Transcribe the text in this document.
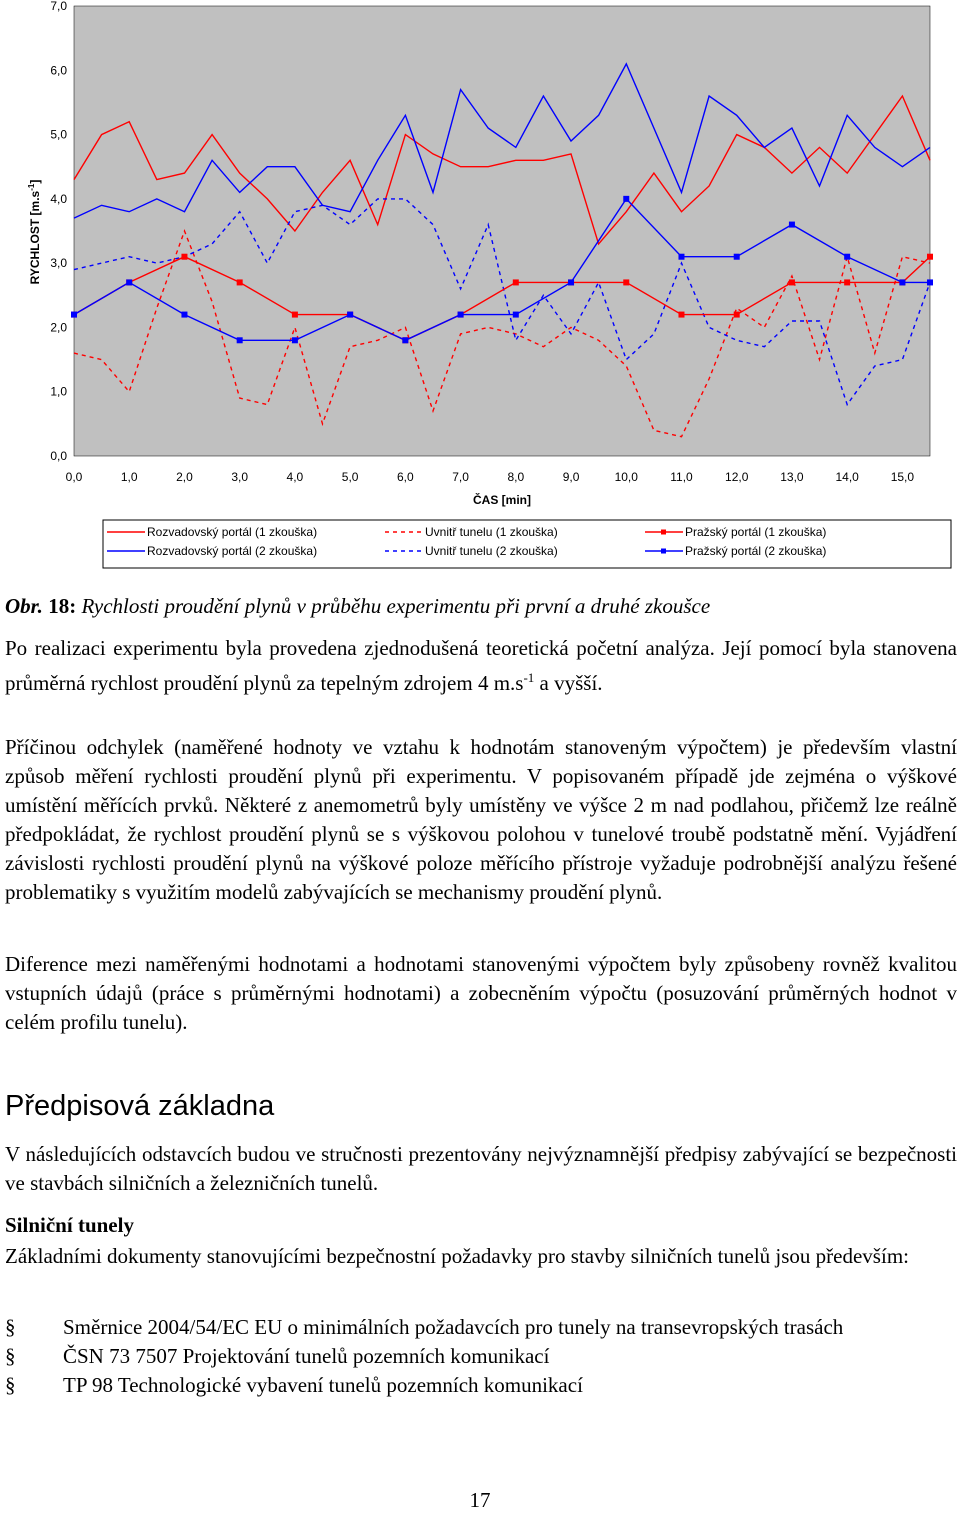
0,0
1,0
2,0
3,0
4,0
5,0
6,0
7,0
0,0	1,0	2,0	3,0	4,0	5,0	6,0	7,0	8,0	9,0	10,0	11,0	12,0	13,0	14,0	15,0
ČAS [min]
RYCHLOST $[m.s^{-1}]$
Rozvadovský portál (1 zkouška)
Rozvadovský portál (2 zkouška)
Uvnitř tunelu (1 zkouška)
Uvnitř tunelu (2 zkouška)
Pražský portál (1 zkouška)
Pražský portál (2 zkouška)
Obr. 18: Rychlosti proudění plynů v průběhu experimentu při první a druhé zkoušce

Po realizaci experimentu byla provedena zjednodušená teoretická početní analýza. Její pomocí byla stanovena průměrná rychlost proudění plynů za tepelným zdrojem 4 $m.s^{-1}$ a vyšší.

Příčinou odchylek (naměřené hodnoty ve vztahu k hodnotám stanoveným výpočtem) je především vlastní způsob měření rychlosti proudění plynů při experimentu. V popisovaném případě jde zejména o výškové umístění měřících prvků. Některé z anemometrů byly umístěny ve výšce 2 m nad podlahou, přičemž lze reálně předpokládat, že rychlost proudění plynů se s výškovou polohou v tunelové troubě podstatně mění. Vyjádření závislosti rychlosti proudění plynů na výškové poloze měřícího přístroje vyžaduje podrobnější analýzu řešené problematiky s využitím modelů zabývajících se mechanismy proudění plynů.

Diference mezi naměřenými hodnotami a hodnotami stanovenými výpočtem byly způsobeny rovněž kvalitou vstupních údajů (práce s průměrnými hodnotami) a zobecněním výpočtu (posuzování průměrných hodnot v celém profilu tunelu).

Předpisová základna

V následujících odstavcích budou ve stručnosti prezentovány nejvýznamnější předpisy zabývající se bezpečnosti ve stavbách silničních a železničních tunelů.

Silniční tunely

Základními dokumenty stanovujícími bezpečnostní požadavky pro stavby silničních tunelů jsou především:

§ Směrnice 2004/54/EC EU o minimálních požadavcích pro tunely na transevropských trasách
§ ČSN 73 7507 Projektování tunelů pozemních komunikací
§ TP 98 Technologické vybavení tunelů pozemních komunikací
17
